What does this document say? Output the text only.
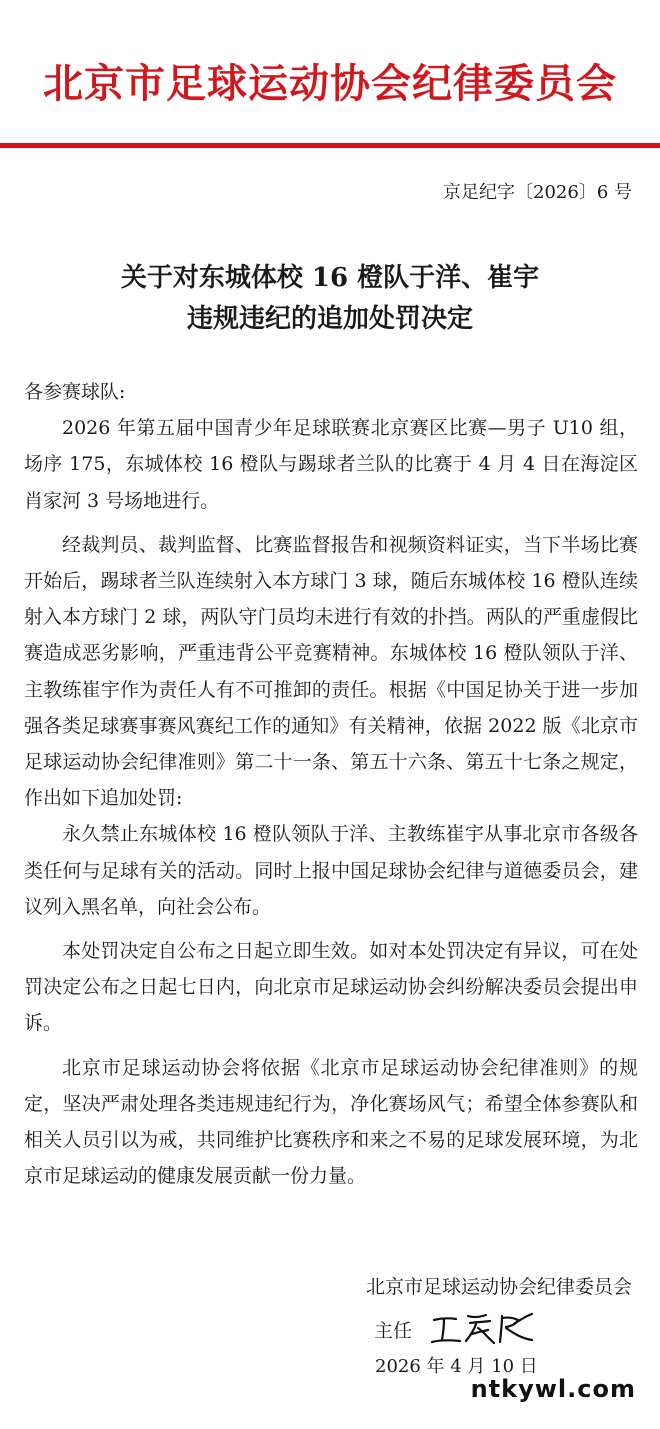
北京市足球运动协会纪律委员会
京足纪字〔2026〕6 号
关于对东城体校 16 橙队于洋、崔宇
违规违纪的追加处罚决定

各参赛球队:

2026 年第五届中国青少年足球联赛北京赛区比赛—男子 U10 组，场序 175，东城体校 16 橙队与踢球者兰队的比赛于 4 月 4 日在海淀区肖家河 3 号场地进行。

经裁判员、裁判监督、比赛监督报告和视频资料证实，当下半场比赛开始后，踢球者兰队连续射入本方球门 3 球，随后东城体校 16 橙队连续射入本方球门 2 球，两队守门员均未进行有效的扑挡。两队的严重虚假比赛造成恶劣影响，严重违背公平竞赛精神。东城体校 16 橙队领队于洋、主教练崔宇作为责任人有不可推卸的责任。根据《中国足协关于进一步加强各类足球赛事赛风赛纪工作的通知》有关精神，依据 2022 版《北京市足球运动协会纪律准则》第二十一条、第五十六条、第五十七条之规定，作出如下追加处罚:

永久禁止东城体校 16 橙队领队于洋、主教练崔宇从事北京市各级各类任何与足球有关的活动。同时上报中国足球协会纪律与道德委员会，建议列入黑名单，向社会公布。

本处罚决定自公布之日起立即生效。如对本处罚决定有异议，可在处罚决定公布之日起七日内，向北京市足球运动协会纠纷解决委员会提出申诉。

北京市足球运动协会将依据《北京市足球运动协会纪律准则》的规定，坚决严肃处理各类违规违纪行为，净化赛场风气；希望全体参赛队和相关人员引以为戒，共同维护比赛秩序和来之不易的足球发展环境，为北京市足球运动的健康发展贡献一份力量。

北京市足球运动协会纪律委员会
主任
2026 年 4 月 10 日
ntkywl.com
